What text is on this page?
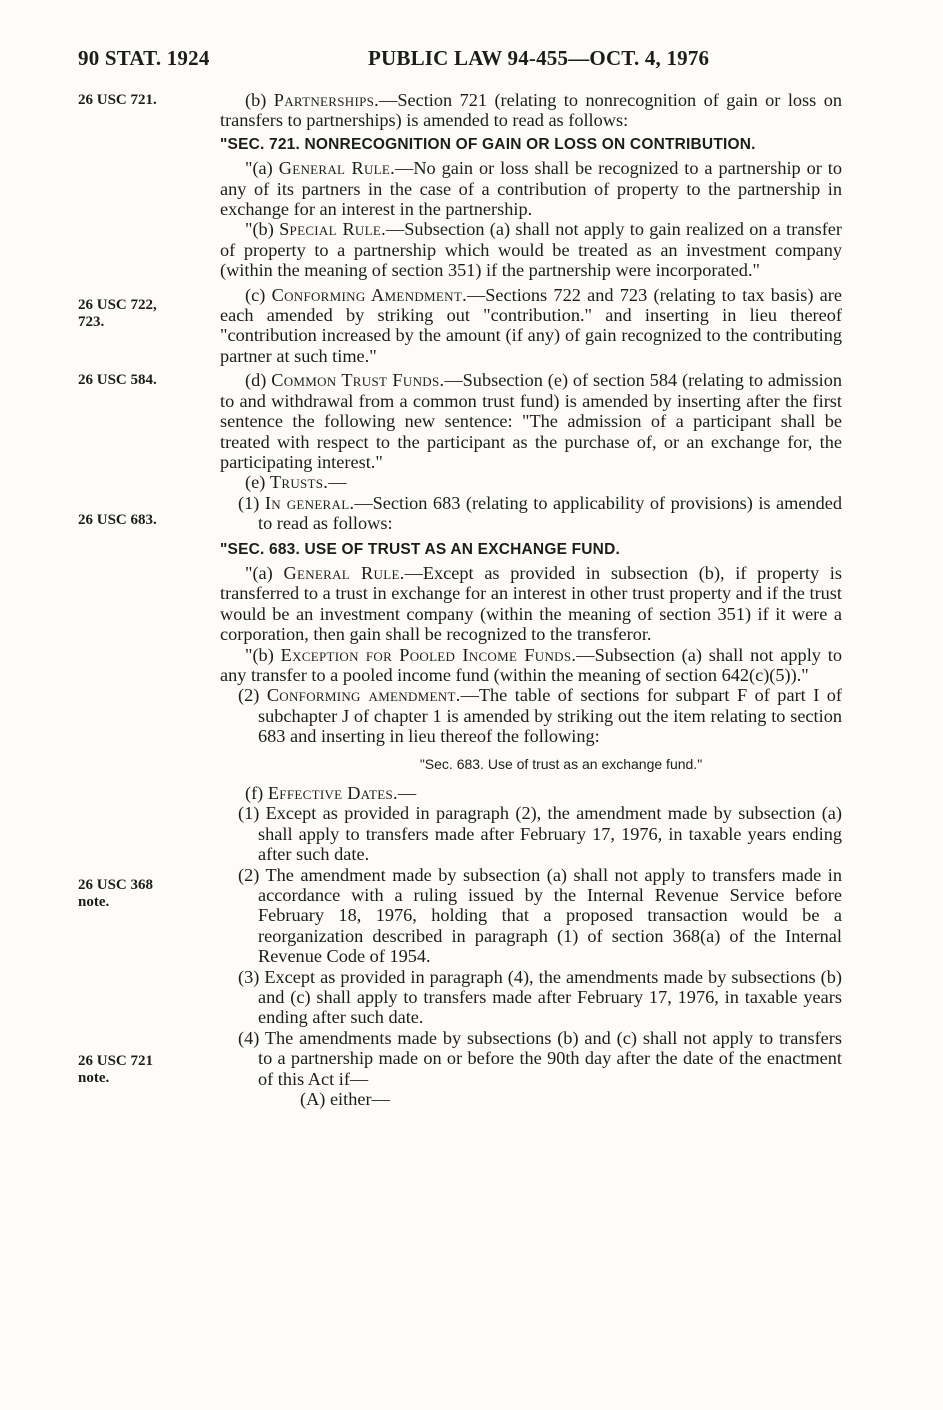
90 STAT. 1924	PUBLIC LAW 94-455—OCT. 4, 1976
26 USC 721.
26 USC 722,
723.
26 USC 584.
26 USC 683.
26 USC 368
note.
26 USC 721
note.

(b) Partnerships.—Section 721 (relating to nonrecognition of gain or loss on transfers to partnerships) is amended to read as follows:

"SEC. 721. NONRECOGNITION OF GAIN OR LOSS ON CONTRIBUTION.

"(a) General Rule.—No gain or loss shall be recognized to a partnership or to any of its partners in the case of a contribution of property to the partnership in exchange for an interest in the partnership.

"(b) Special Rule.—Subsection (a) shall not apply to gain realized on a transfer of property to a partnership which would be treated as an investment company (within the meaning of section 351) if the partnership were incorporated."

(c) Conforming Amendment.—Sections 722 and 723 (relating to tax basis) are each amended by striking out "contribution." and inserting in lieu thereof "contribution increased by the amount (if any) of gain recognized to the contributing partner at such time."

(d) Common Trust Funds.—Subsection (e) of section 584 (relating to admission to and withdrawal from a common trust fund) is amended by inserting after the first sentence the following new sentence: "The admission of a participant shall be treated with respect to the participant as the purchase of, or an exchange for, the participating interest."

(e) Trusts.—

(1) In general.—Section 683 (relating to applicability of provisions) is amended to read as follows:

"SEC. 683. USE OF TRUST AS AN EXCHANGE FUND.

"(a) General Rule.—Except as provided in subsection (b), if property is transferred to a trust in exchange for an interest in other trust property and if the trust would be an investment company (within the meaning of section 351) if it were a corporation, then gain shall be recognized to the transferor.

"(b) Exception for Pooled Income Funds.—Subsection (a) shall not apply to any transfer to a pooled income fund (within the meaning of section 642(c)(5))."

(2) Conforming amendment.—The table of sections for subpart F of part I of subchapter J of chapter 1 is amended by striking out the item relating to section 683 and inserting in lieu thereof the following:

"Sec. 683. Use of trust as an exchange fund."

(f) Effective Dates.—

(1) Except as provided in paragraph (2), the amendment made by subsection (a) shall apply to transfers made after February 17, 1976, in taxable years ending after such date.

(2) The amendment made by subsection (a) shall not apply to transfers made in accordance with a ruling issued by the Internal Revenue Service before February 18, 1976, holding that a proposed transaction would be a reorganization described in paragraph (1) of section 368(a) of the Internal Revenue Code of 1954.

(3) Except as provided in paragraph (4), the amendments made by subsections (b) and (c) shall apply to transfers made after February 17, 1976, in taxable years ending after such date.

(4) The amendments made by subsections (b) and (c) shall not apply to transfers to a partnership made on or before the 90th day after the date of the enactment of this Act if—

(A) either—
